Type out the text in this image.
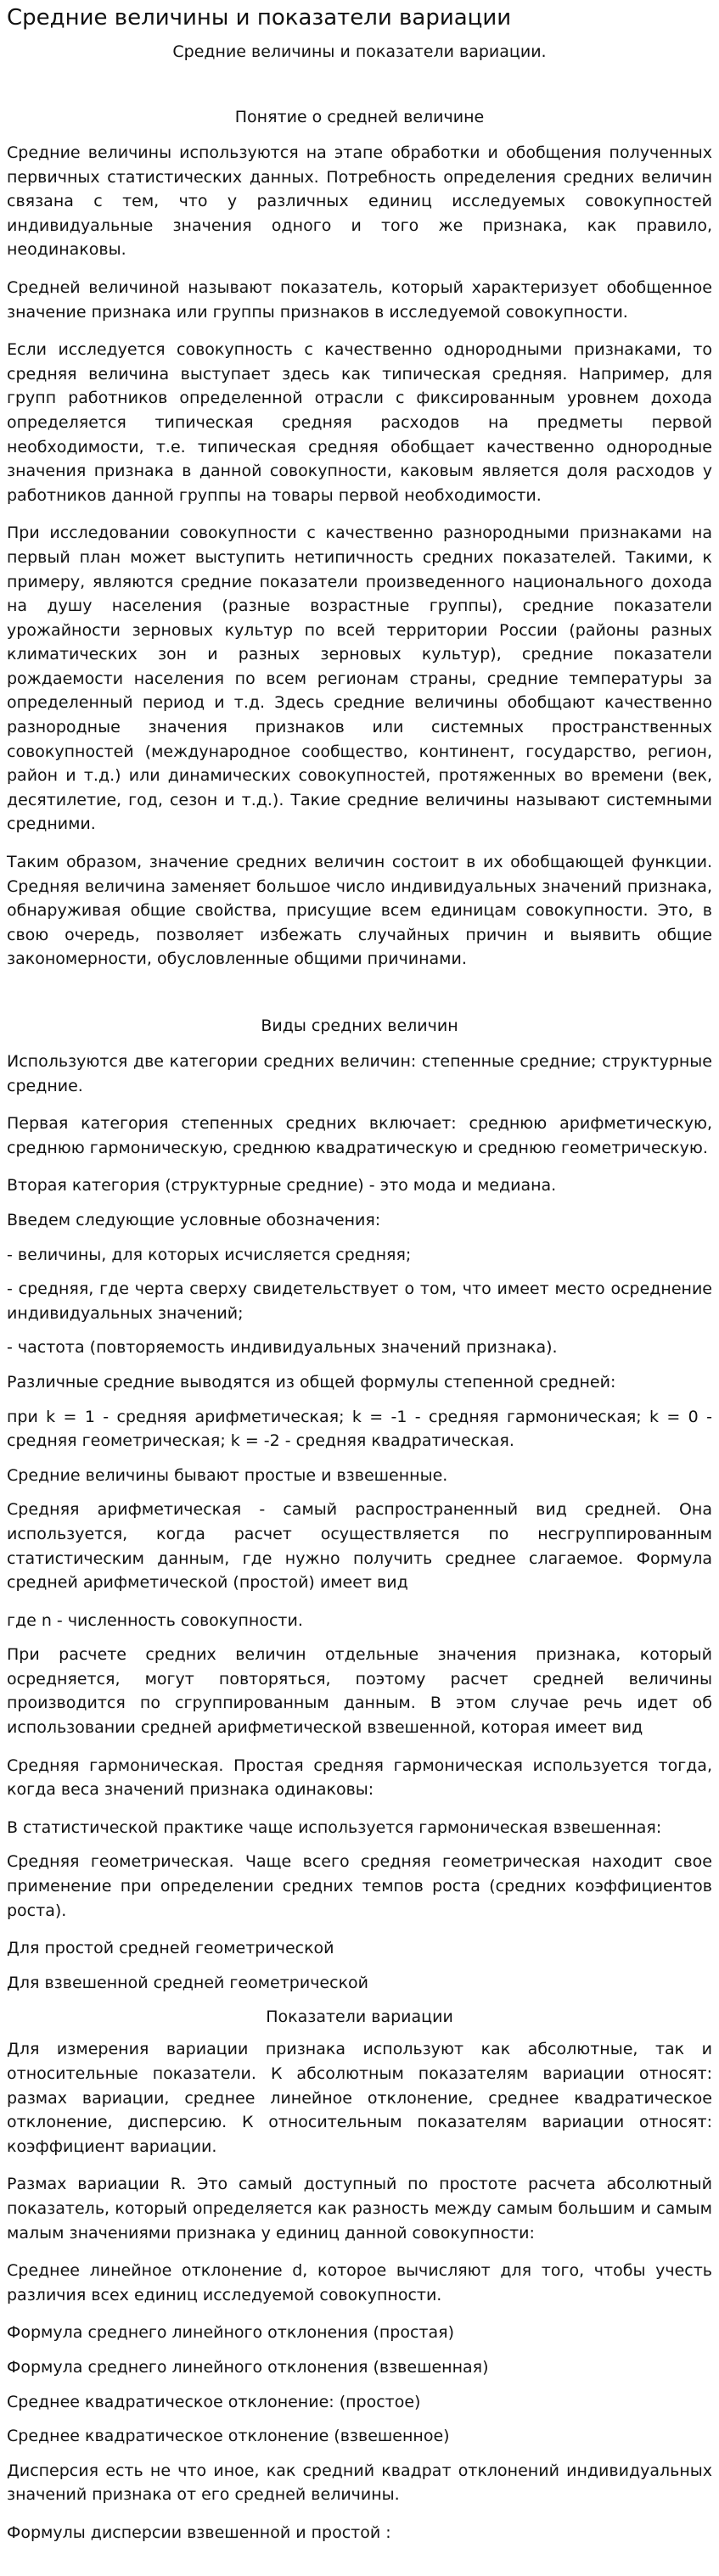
Средние величины и показатели вариации
Средние величины и показатели вариации.
Понятие о средней величине

Средние величины используются на этапе обработки и обобщения полученных первичных статистических данных. Потребность определения средних величин связана с тем, что у различных единиц исследуемых совокупностей индивидуальные значения одного и того же признака, как правило, неодинаковы.

Средней величиной называют показатель, который характеризует обобщенное значение признака или группы признаков в исследуемой совокупности.

Если исследуется совокупность с качественно однородными признаками, то средняя величина выступает здесь как типическая средняя. Например, для групп работников определенной отрасли с фиксированным уровнем дохода определяется типическая средняя расходов на предметы первой необходимости, т.е. типическая средняя обобщает качественно однородные значения признака в данной совокупности, каковым является доля расходов у работников данной группы на товары первой необходимости.

При исследовании совокупности с качественно разнородными признаками на первый план может выступить нетипичность средних показателей. Такими, к примеру, являются средние показатели произведенного национального дохода на душу населения (разные возрастные группы), средние показатели урожайности зерновых культур по всей территории России (районы разных климатических зон и разных зерновых культур), средние показатели рождаемости населения по всем регионам страны, средние температуры за определенный период и т.д. Здесь средние величины обобщают качественно разнородные значения признаков или системных пространственных совокупностей (международное сообщество, континент, государство, регион, район и т.д.) или динамических совокупностей, протяженных во времени (век, десятилетие, год, сезон и т.д.). Такие средние величины называют системными средними.

Таким образом, значение средних величин состоит в их обобщающей функции. Средняя величина заменяет большое число индивидуальных значений признака, обнаруживая общие свойства, присущие всем единицам совокупности. Это, в свою очередь, позволяет избежать случайных причин и выявить общие закономерности, обусловленные общими причинами.

Виды средних величин

Используются две категории средних величин: степенные средние; структурные средние.

Первая категория степенных средних включает: среднюю арифметическую, среднюю гармоническую, среднюю квадратическую и среднюю геометрическую.

Вторая категория (структурные средние) - это мода и медиана.

Введем следующие условные обозначения:

- величины, для которых исчисляется средняя;

- средняя, где черта сверху свидетельствует о том, что имеет место осреднение индивидуальных значений;

- частота (повторяемость индивидуальных значений признака).

Различные средние выводятся из общей формулы степенной средней:

при k = 1 - средняя арифметическая; k = -1 - средняя гармоническая; k = 0 - средняя геометрическая; k = -2 - средняя квадратическая.

Средние величины бывают простые и взвешенные.

Средняя арифметическая - самый распространенный вид средней. Она используется, когда расчет осуществляется по несгруппированным статистическим данным, где нужно получить среднее слагаемое. Формула средней арифметической (простой) имеет вид

где n - численность совокупности.

При расчете средних величин отдельные значения признака, который осредняется, могут повторяться, поэтому расчет средней величины производится по сгруппированным данным. В этом случае речь идет об использовании средней арифметической взвешенной, которая имеет вид

Средняя гармоническая. Простая средняя гармоническая используется тогда, когда веса значений признака одинаковы:

В статистической практике чаще используется гармоническая взвешенная:

Средняя геометрическая. Чаще всего средняя геометрическая находит свое применение при определении средних темпов роста (средних коэффициентов роста).

Для простой средней геометрической

Для взвешенной средней геометрической

Показатели вариации

Для измерения вариации признака используют как абсолютные, так и относительные показатели. К абсолютным показателям вариации относят: размах вариации, среднее линейное отклонение, среднее квадратическое отклонение, дисперсию. К относительным показателям вариации относят: коэффициент вариации.

Размах вариации R. Это самый доступный по простоте расчета абсолютный показатель, который определяется как разность между самым большим и самым малым значениями признака у единиц данной совокупности:

Среднее линейное отклонение d, которое вычисляют для того, чтобы учесть различия всех единиц исследуемой совокупности.

Формула среднего линейного отклонения (простая)

Формула среднего линейного отклонения (взвешенная)

Среднее квадратическое отклонение: (простое)

Среднее квадратическое отклонение (взвешенное)

Дисперсия есть не что иное, как средний квадрат отклонений индивидуальных значений признака от его средней величины.

Формулы дисперсии взвешенной и простой :
